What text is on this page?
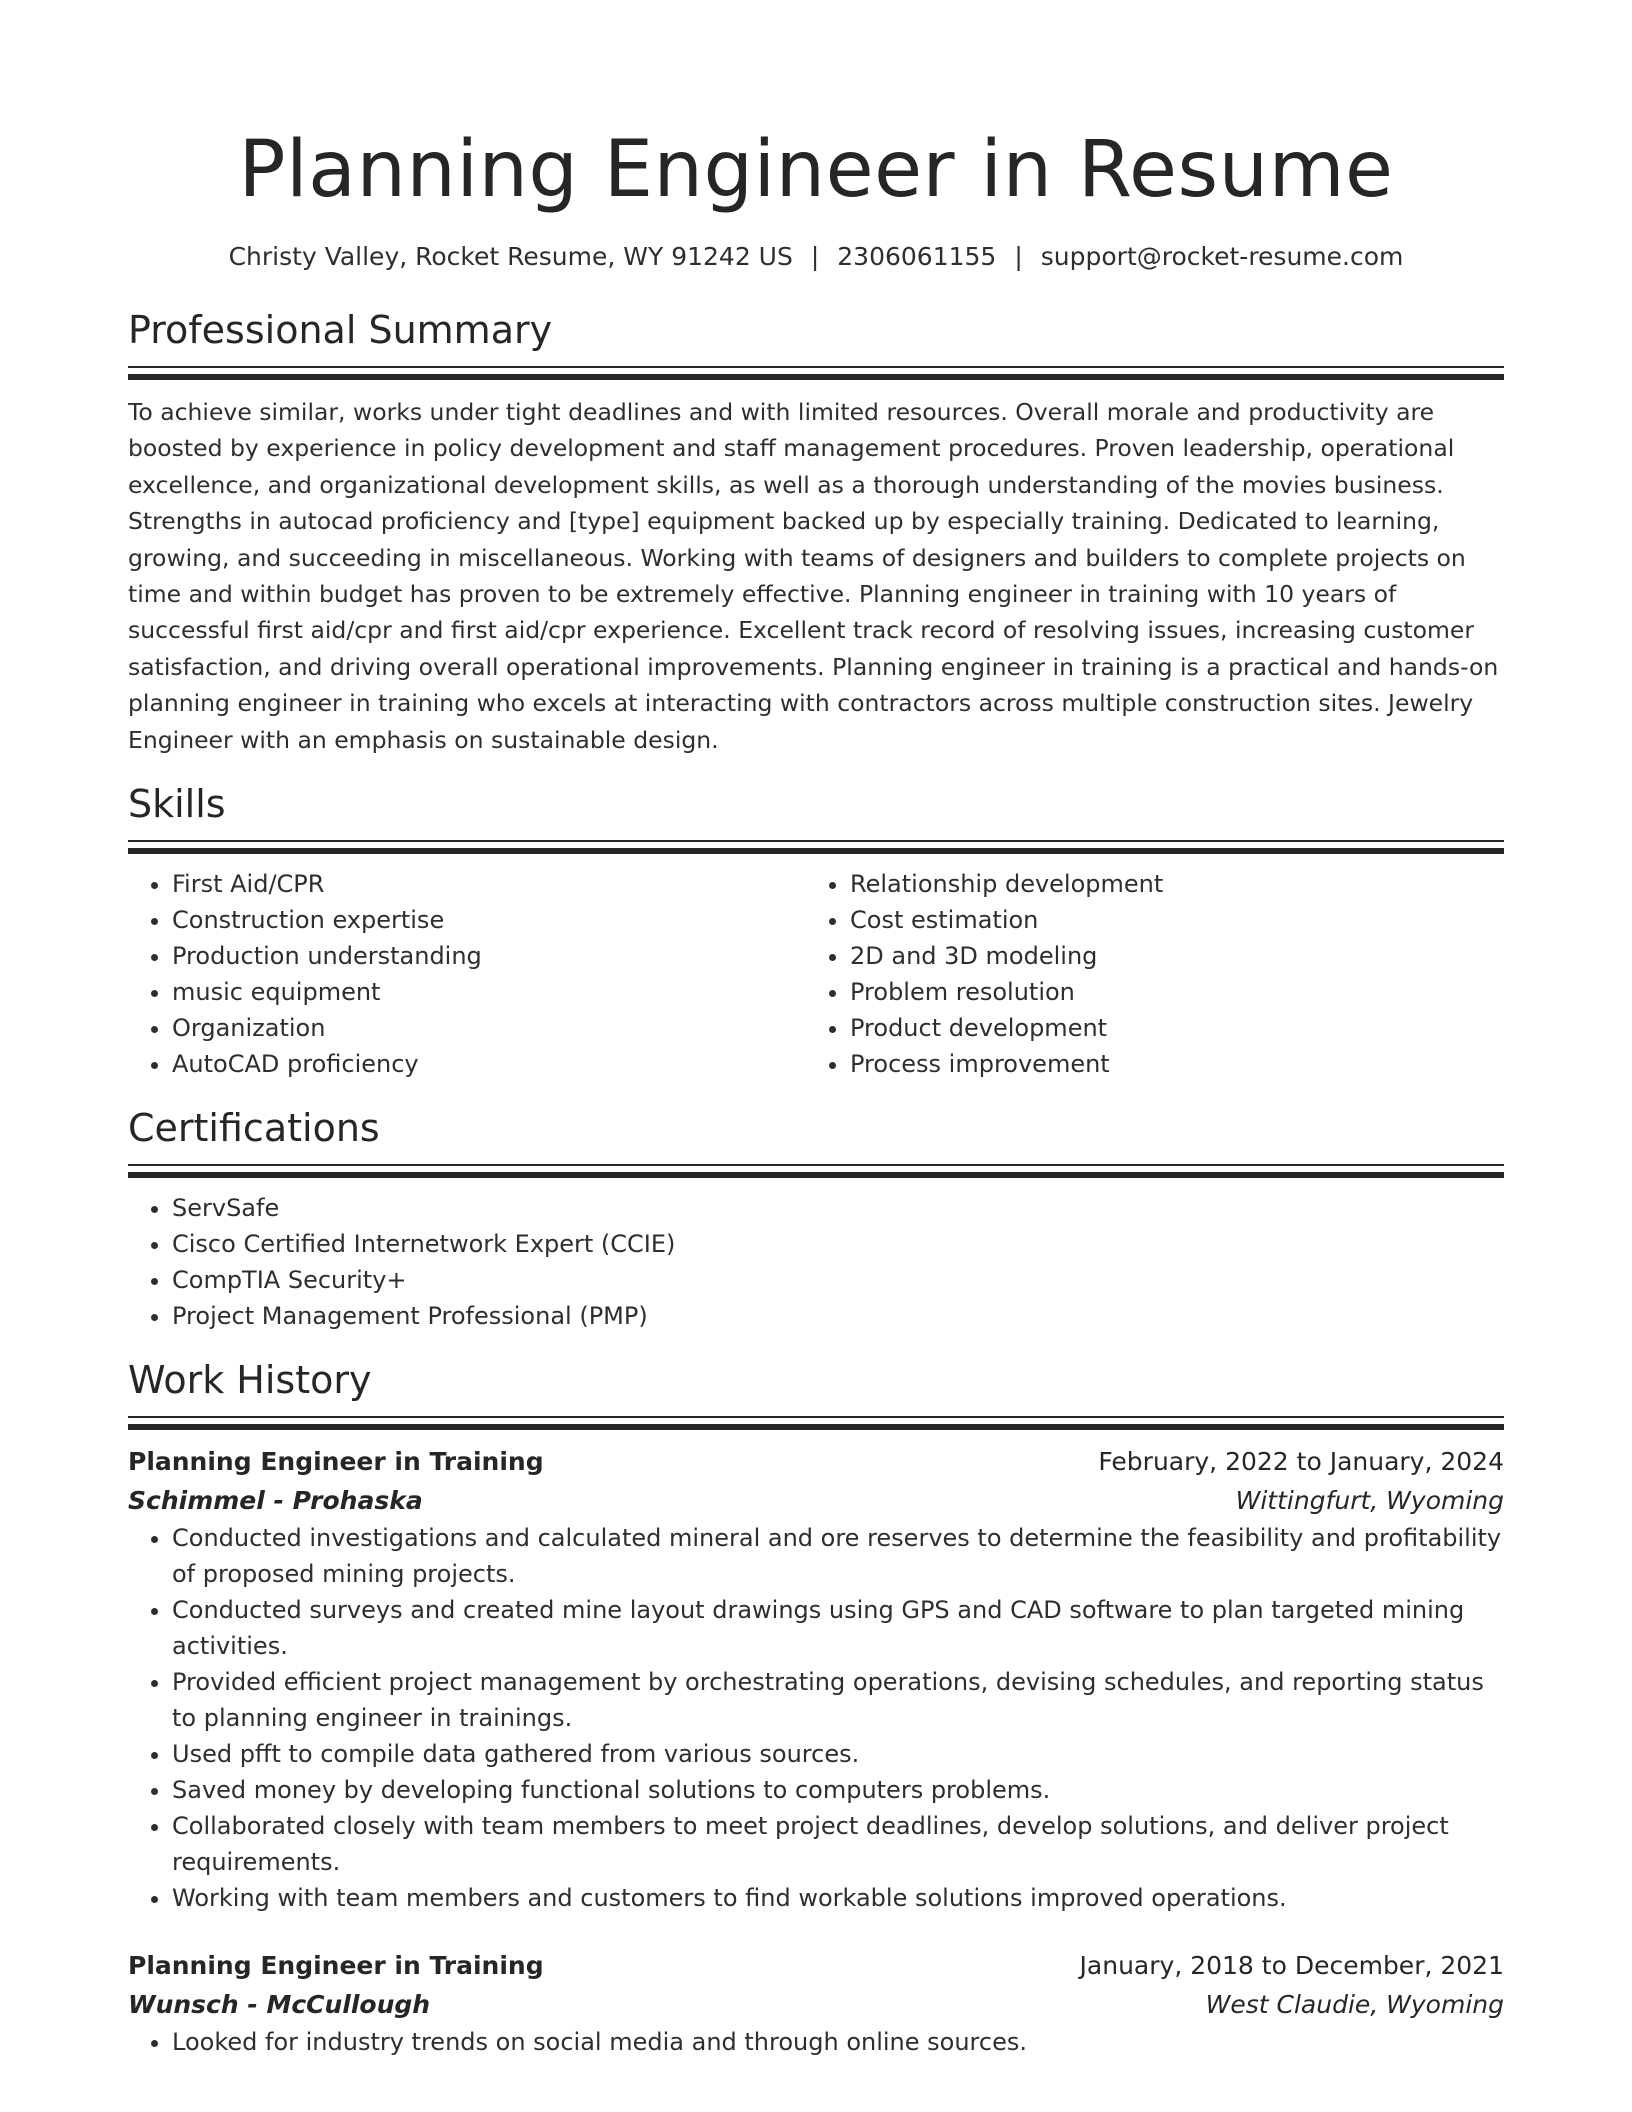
Planning Engineer in Resume
Christy Valley, Rocket Resume, WY 91242 US | 2306061155 | support@rocket-resume.com
Professional Summary

To achieve similar, works under tight deadlines and with limited resources. Overall morale and productivity are boosted by experience in policy development and staff management procedures. Proven leadership, operational excellence, and organizational development skills, as well as a thorough understanding of the movies business. Strengths in autocad proficiency and [type] equipment backed up by especially training. Dedicated to learning, growing, and succeeding in miscellaneous. Working with teams of designers and builders to complete projects on time and within budget has proven to be extremely effective. Planning engineer in training with 10 years of successful first aid/cpr and first aid/cpr experience. Excellent track record of resolving issues, increasing customer satisfaction, and driving overall operational improvements. Planning engineer in training is a practical and hands-on planning engineer in training who excels at interacting with contractors across multiple construction sites. Jewelry Engineer with an emphasis on sustainable design.

Skills
• First Aid/CPR
• Construction expertise
• Production understanding
• music equipment
• Organization
• AutoCAD proficiency
• Relationship development
• Cost estimation
• 2D and 3D modeling
• Problem resolution
• Product development
• Process improvement
Certifications
• ServSafe
• Cisco Certified Internetwork Expert (CCIE)
• CompTIA Security+
• Project Management Professional (PMP)
Work History
Planning Engineer in Training	February, 2022 to January, 2024
Schimmel - Prohaska	Wittingfurt, Wyoming
• Conducted investigations and calculated mineral and ore reserves to determine the feasibility and profitability of proposed mining projects.
• Conducted surveys and created mine layout drawings using GPS and CAD software to plan targeted mining activities.
• Provided efficient project management by orchestrating operations, devising schedules, and reporting status to planning engineer in trainings.
• Used pfft to compile data gathered from various sources.
• Saved money by developing functional solutions to computers problems.
• Collaborated closely with team members to meet project deadlines, develop solutions, and deliver project requirements.
• Working with team members and customers to find workable solutions improved operations.
Planning Engineer in Training	January, 2018 to December, 2021
Wunsch - McCullough	West Claudie, Wyoming
• Looked for industry trends on social media and through online sources.
